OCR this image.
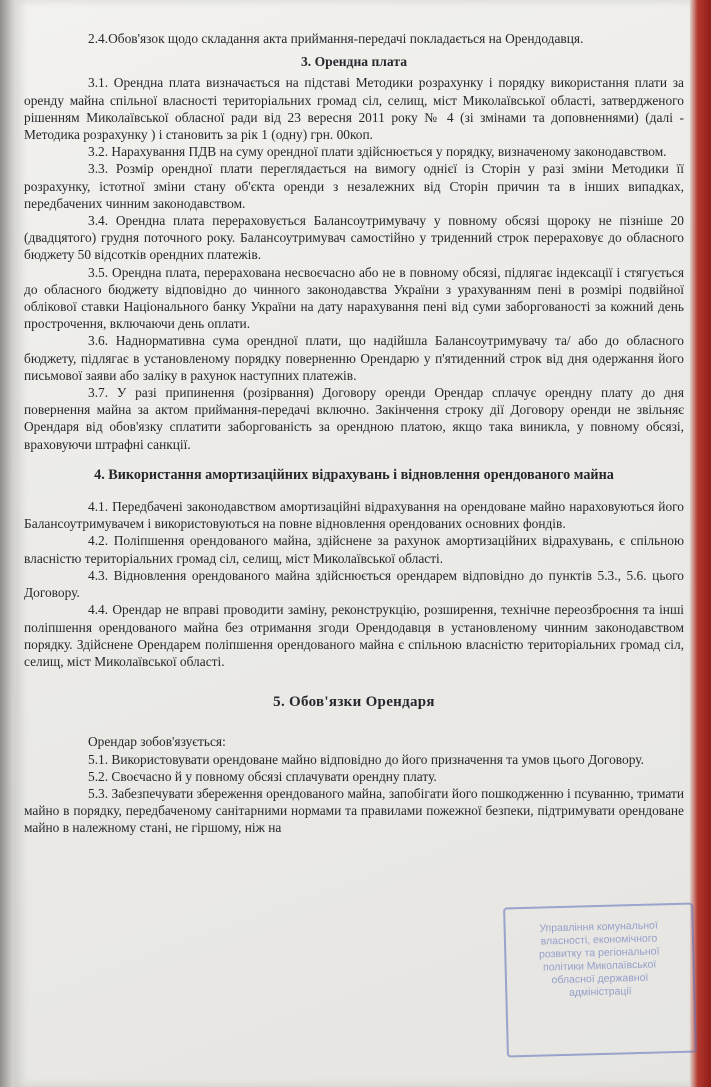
2.4.Обов'язок щодо складання акта приймання-передачі покладається на Орендодавця.

3. Орендна плата

3.1. Орендна плата визначається на підставі Методики розрахунку і порядку використання плати за оренду майна спільної власності територіальних громад сіл, селищ, міст Миколаївської області, затвердженого рішенням Миколаївської обласної ради від 23 вересня 2011 року № 4 (зі змінами та доповненнями) (далі - Методика розрахунку ) і становить за рік 1 (одну) грн. 00коп.

3.2. Нарахування ПДВ на суму орендної плати здійснюється у порядку, визначеному законодавством.

3.3. Розмір орендної плати переглядається на вимогу однієї із Сторін у разі зміни Методики її розрахунку, істотної зміни стану об'єкта оренди з незалежних від Сторін причин та в інших випадках, передбачених чинним законодавством.

3.4. Орендна плата перераховується Балансоутримувачу у повному обсязі щороку не пізніше 20 (двадцятого) грудня поточного року. Балансоутримувач самостійно у триденний строк перераховує до обласного бюджету 50 відсотків орендних платежів.

3.5. Орендна плата, перерахована несвоєчасно або не в повному обсязі, підлягає індексації і стягується до обласного бюджету відповідно до чинного законодавства України з урахуванням пені в розмірі подвійної облікової ставки Національного банку України на дату нарахування пені від суми заборгованості за кожний день прострочення, включаючи день оплати.

3.6. Наднормативна сума орендної плати, що надійшла Балансоутримувачу та/ або до обласного бюджету, підлягає в установленому порядку поверненню Орендарю у п'ятиденний строк від дня одержання його письмової заяви або заліку в рахунок наступних платежів.

3.7. У разі припинення (розірвання) Договору оренди Орендар сплачує орендну плату до дня повернення майна за актом приймання-передачі включно. Закінчення строку дії Договору оренди не звільняє Орендаря від обов'язку сплатити заборгованість за орендною платою, якщо така виникла, у повному обсязі, враховуючи штрафні санкції.

4. Використання амортизаційних відрахувань і відновлення орендованого майна

4.1. Передбачені законодавством амортизаційні відрахування на орендоване майно нараховуються його Балансоутримувачем і використовуються на повне відновлення орендованих основних фондів.

4.2. Поліпшення орендованого майна, здійснене за рахунок амортизаційних відрахувань, є спільною власністю територіальних громад сіл, селищ, міст Миколаївської області.

4.3. Відновлення орендованого майна здійснюється орендарем відповідно до пунктів 5.3., 5.6. цього Договору.

4.4. Орендар не вправі проводити заміну, реконструкцію, розширення, технічне переозброєння та інші поліпшення орендованого майна без отримання згоди Орендодавця в установленому чинним законодавством порядку. Здійснене Орендарем поліпшення орендованого майна є спільною власністю територіальних громад сіл, селищ, міст Миколаївської області.

5. Обов'язки Орендаря

Орендар зобов'язується:

5.1. Використовувати орендоване майно відповідно до його призначення та умов цього Договору.

5.2. Своєчасно й у повному обсязі сплачувати орендну плату.

5.3. Забезпечувати збереження орендованого майна, запобігати його пошкодженню і псуванню, тримати майно в порядку, передбаченому санітарними нормами та правилами пожежної безпеки, підтримувати орендоване майно в належному стані, не гіршому, ніж на

Управління комунальної
власності, економічного
розвитку та регіональної
політики Миколаївської
обласної державної
адміністрації
